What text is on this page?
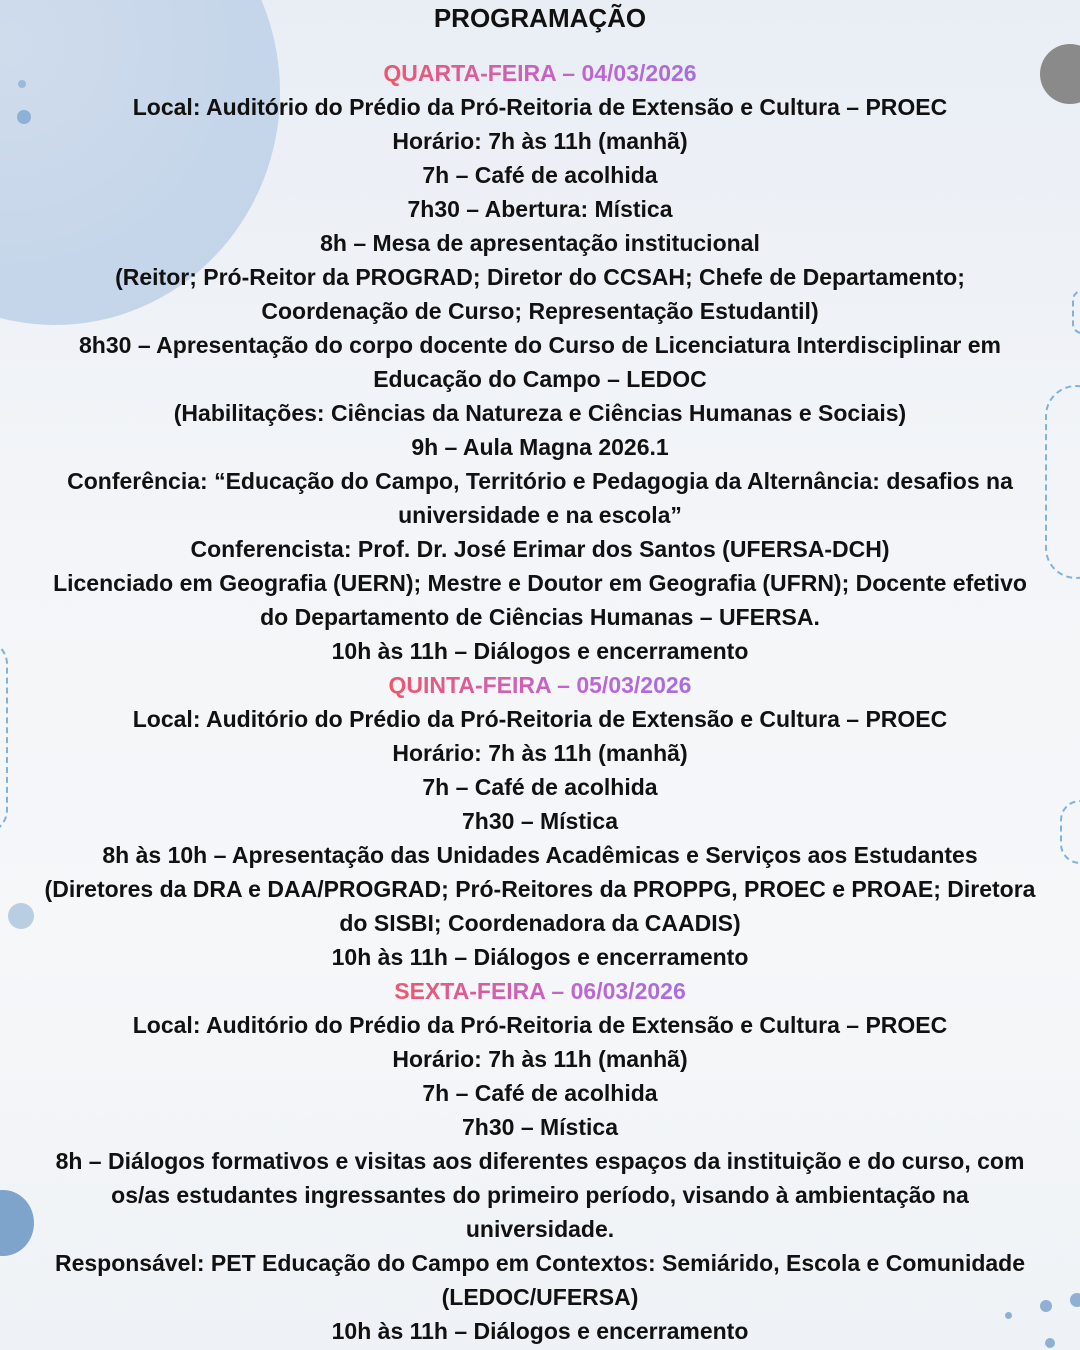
PROGRAMAÇÃO
QUARTA-FEIRA – 04/03/2026
Local: Auditório do Prédio da Pró-Reitoria de Extensão e Cultura – PROEC
Horário: 7h às 11h (manhã)
7h – Café de acolhida
7h30 – Abertura: Mística
8h – Mesa de apresentação institucional
(Reitor; Pró-Reitor da PROGRAD; Diretor do CCSAH; Chefe de Departamento;
Coordenação de Curso; Representação Estudantil)
8h30 – Apresentação do corpo docente do Curso de Licenciatura Interdisciplinar em
Educação do Campo – LEDOC
(Habilitações: Ciências da Natureza e Ciências Humanas e Sociais)
9h – Aula Magna 2026.1
Conferência: “Educação do Campo, Território e Pedagogia da Alternância: desafios na
universidade e na escola”
Conferencista: Prof. Dr. José Erimar dos Santos (UFERSA-DCH)
Licenciado em Geografia (UERN); Mestre e Doutor em Geografia (UFRN); Docente efetivo
do Departamento de Ciências Humanas – UFERSA.
10h às 11h – Diálogos e encerramento
QUINTA-FEIRA – 05/03/2026
Local: Auditório do Prédio da Pró-Reitoria de Extensão e Cultura – PROEC
Horário: 7h às 11h (manhã)
7h – Café de acolhida
7h30 – Mística
8h às 10h – Apresentação das Unidades Acadêmicas e Serviços aos Estudantes
(Diretores da DRA e DAA/PROGRAD; Pró-Reitores da PROPPG, PROEC e PROAE; Diretora
do SISBI; Coordenadora da CAADIS)
10h às 11h – Diálogos e encerramento
SEXTA-FEIRA – 06/03/2026
Local: Auditório do Prédio da Pró-Reitoria de Extensão e Cultura – PROEC
Horário: 7h às 11h (manhã)
7h – Café de acolhida
7h30 – Mística
8h – Diálogos formativos e visitas aos diferentes espaços da instituição e do curso, com
os/as estudantes ingressantes do primeiro período, visando à ambientação na
universidade.
Responsável: PET Educação do Campo em Contextos: Semiárido, Escola e Comunidade
(LEDOC/UFERSA)
10h às 11h – Diálogos e encerramento
